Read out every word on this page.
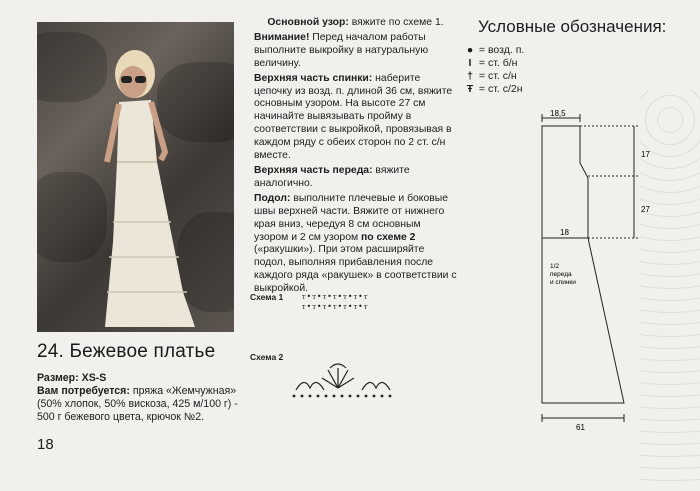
24. Бежевое платье
Размер: XS-S
Вам потребуется: пряжа «Жемчужная» (50% хлопок, 50% вискоза, 425 м/100 г) - 500 г бежевого цвета, крючок №2.
18

Основной узор: вяжите по схеме 1.

Внимание! Перед началом работы выполните выкройку в натуральную величину.

Верхняя часть спинки: наберите цепочку из возд. п. длиной 36 см, вяжите основным узором. На высоте 27 см начинайте вывязывать пройму в соответствии с выкройкой, провязывая в каждом ряду с обеих сторон по 2 ст. с/н вместе.

Верхняя часть переда: вяжите аналогично.

Подол: выполните плечевые и боковые швы верхней части. Вяжите от нижнего края вниз, чередуя 8 см основным узором и 2 см узором по схеме 2 («ракушки»). При этом расширяйте подол, выполняя прибавления после каждого ряда «ракушек» в соответствии с выкройкой.

Схема 1 ᴛ•ᴛ•ᴛ•ᴛ•ᴛ•ᴛ•ᴛ
ᴛ•ᴛ•ᴛ•ᴛ•ᴛ•ᴛ•ᴛ
Схема 2
Условные обозначения:
● = возд. п.
I = ст. б/н
† = ст. с/н
Ŧ = ст. с/2н
18,5
17
27
18
1/2
переда
и спинки
61
